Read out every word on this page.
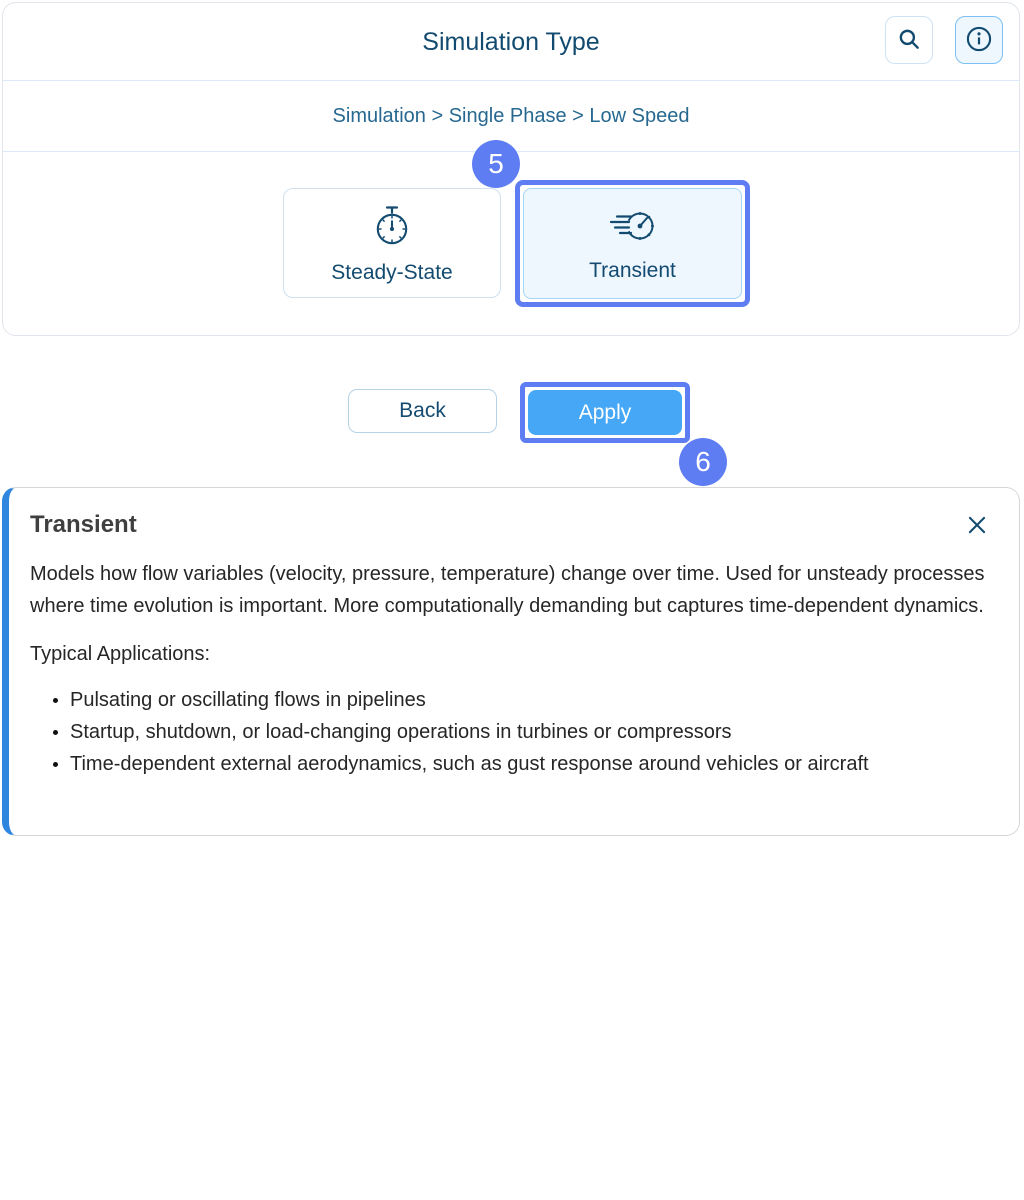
Simulation Type
Simulation > Single Phase > Low Speed
Steady-State	Transient
5
Back	Apply
6
Transient

Models how flow variables (velocity, pressure, temperature) change over time. Used for unsteady processes where time evolution is important. More computationally demanding but captures time-dependent dynamics.

Typical Applications:

• Pulsating or oscillating flows in pipelines
• Startup, shutdown, or load-changing operations in turbines or compressors
• Time-dependent external aerodynamics, such as gust response around vehicles or aircraft
